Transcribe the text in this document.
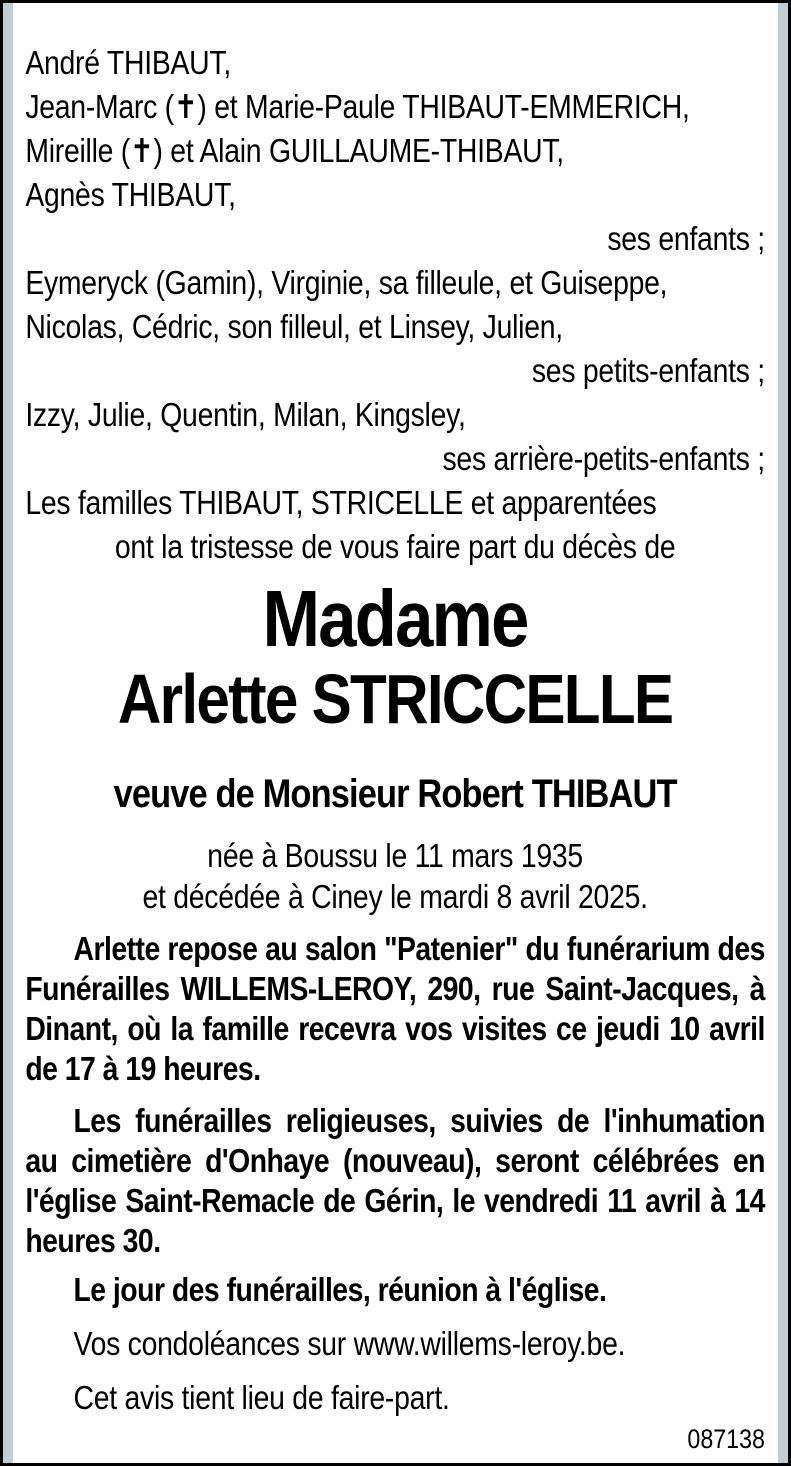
André THIBAUT,
Jean-Marc (✝) et Marie-Paule THIBAUT-EMMERICH,
Mireille (✝) et Alain GUILLAUME-THIBAUT,
Agnès THIBAUT,
ses enfants ;
Eymeryck (Gamin), Virginie, sa filleule, et Guiseppe,
Nicolas, Cédric, son filleul, et Linsey, Julien,
ses petits-enfants ;
Izzy, Julie, Quentin, Milan, Kingsley,
ses arrière-petits-enfants ;
Les familles THIBAUT, STRICELLE et apparentées
ont la tristesse de vous faire part du décès de
Madame
Arlette STRICCELLE
veuve de Monsieur Robert THIBAUT
née à Boussu le 11 mars 1935
et décédée à Ciney le mardi 8 avril 2025.

Arlette repose au salon "Patenier" du funérarium des Funérailles WILLEMS-LEROY, 290, rue Saint-Jacques, à Dinant, où la famille recevra vos visites ce jeudi 10 avril de 17 à 19 heures.

Les funérailles religieuses, suivies de l'inhumation au cimetière d'Onhaye (nouveau), seront célébrées en l'église Saint-Remacle de Gérin, le vendredi 11 avril à 14 heures 30.

Le jour des funérailles, réunion à l'église.

Vos condoléances sur www.willems-leroy.be.

Cet avis tient lieu de faire-part.

087138
